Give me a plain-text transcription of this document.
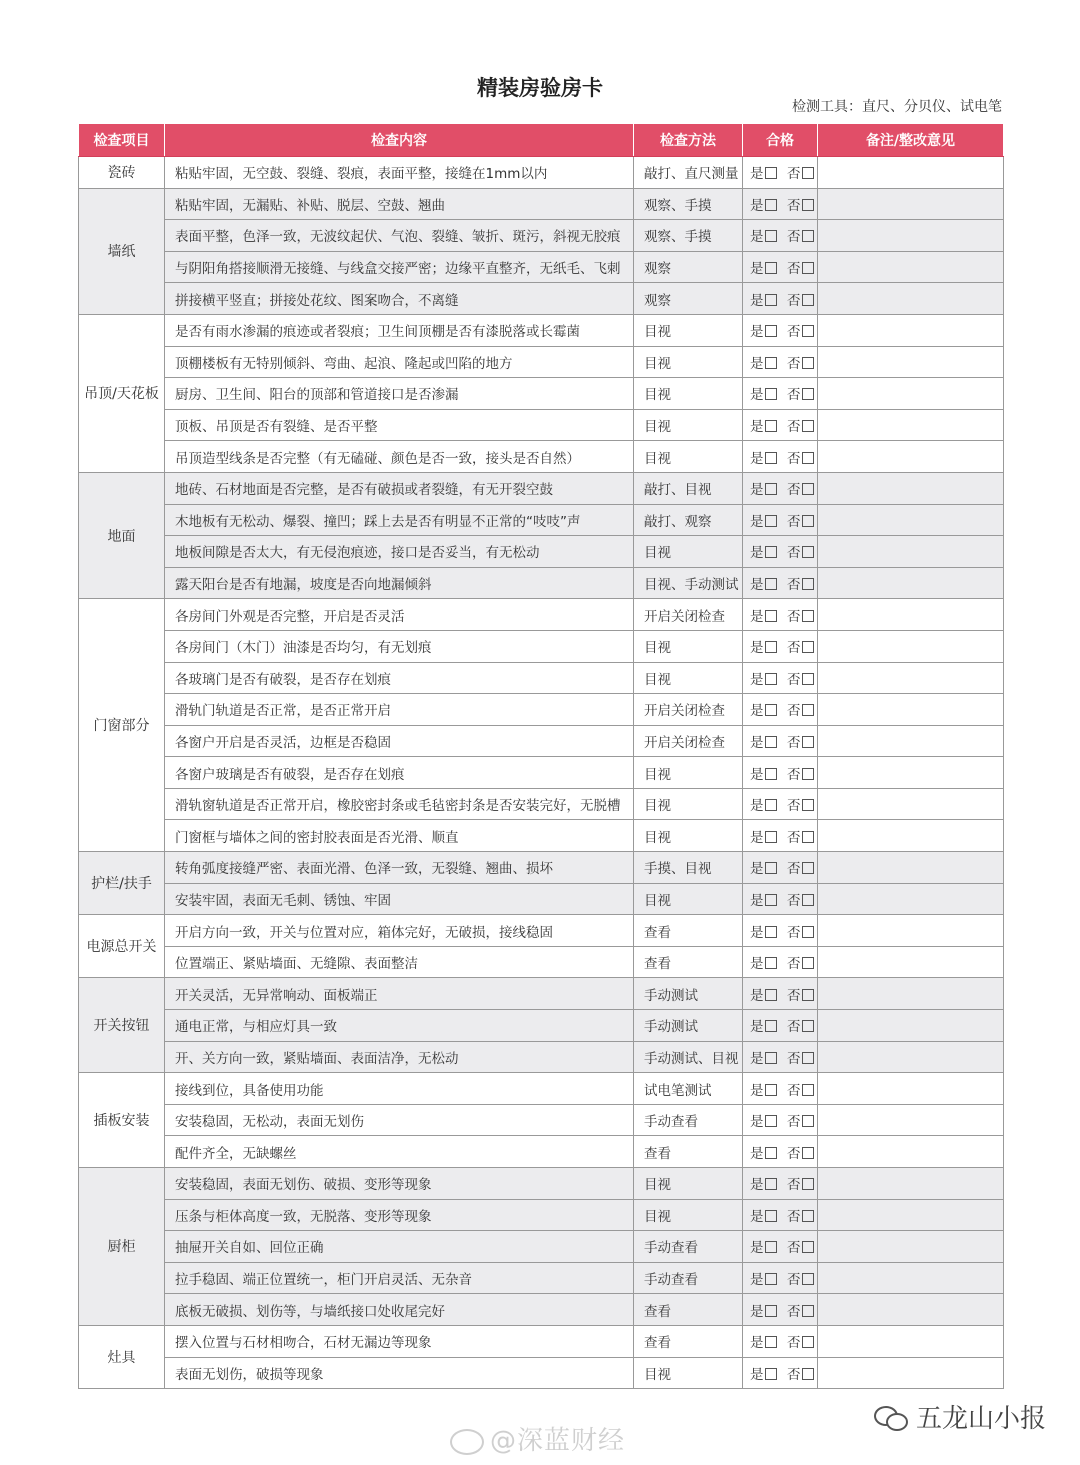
精装房验房卡
检测工具：直尺、分贝仪、试电笔
检查项目	检查内容	检查方法	合格	备注/整改意见
瓷砖	粘贴牢固，无空鼓、裂缝、裂痕，表面平整，接缝在1mm以内	敲打、直尺测量	是 否	
墙纸	粘贴牢固，无漏贴、补贴、脱层、空鼓、翘曲	观察、手摸	是 否	
	表面平整，色泽一致，无波纹起伏、气泡、裂缝、皱折、斑污，斜视无胶痕	观察、手摸	是 否	
	与阴阳角搭接顺滑无接缝、与线盒交接严密；边缘平直整齐，无纸毛、飞刺	观察	是 否	
	拼接横平竖直；拼接处花纹、图案吻合，不离缝	观察	是 否	
吊顶/天花板	是否有雨水渗漏的痕迹或者裂痕；卫生间顶棚是否有漆脱落或长霉菌	目视	是 否	
	顶棚楼板有无特别倾斜、弯曲、起浪、隆起或凹陷的地方	目视	是 否	
	厨房、卫生间、阳台的顶部和管道接口是否渗漏	目视	是 否	
	顶板、吊顶是否有裂缝、是否平整	目视	是 否	
	吊顶造型线条是否完整（有无磕碰、颜色是否一致，接头是否自然）	目视	是 否	
地面	地砖、石材地面是否完整，是否有破损或者裂缝，有无开裂空鼓	敲打、目视	是 否	
	木地板有无松动、爆裂、撞凹；踩上去是否有明显不正常的“吱吱”声	敲打、观察	是 否	
	地板间隙是否太大，有无侵泡痕迹，接口是否妥当，有无松动	目视	是 否	
	露天阳台是否有地漏，坡度是否向地漏倾斜	目视、手动测试	是 否	
门窗部分	各房间门外观是否完整，开启是否灵活	开启关闭检查	是 否	
	各房间门（木门）油漆是否均匀，有无划痕	目视	是 否	
	各玻璃门是否有破裂，是否存在划痕	目视	是 否	
	滑轨门轨道是否正常，是否正常开启	开启关闭检查	是 否	
	各窗户开启是否灵活，边框是否稳固	开启关闭检查	是 否	
	各窗户玻璃是否有破裂，是否存在划痕	目视	是 否	
	滑轨窗轨道是否正常开启，橡胶密封条或毛毡密封条是否安装完好，无脱槽	目视	是 否	
	门窗框与墙体之间的密封胶表面是否光滑、顺直	目视	是 否	
护栏/扶手	转角弧度接缝严密、表面光滑、色泽一致，无裂缝、翘曲、损坏	手摸、目视	是 否	
	安装牢固，表面无毛刺、锈蚀、牢固	目视	是 否	
电源总开关	开启方向一致，开关与位置对应，箱体完好，无破损，接线稳固	查看	是 否	
	位置端正、紧贴墙面、无缝隙、表面整洁	查看	是 否	
开关按钮	开关灵活，无异常响动、面板端正	手动测试	是 否	
	通电正常，与相应灯具一致	手动测试	是 否	
	开、关方向一致，紧贴墙面、表面洁净，无松动	手动测试、目视	是 否	
插板安装	接线到位，具备使用功能	试电笔测试	是 否	
	安装稳固，无松动，表面无划伤	手动查看	是 否	
	配件齐全，无缺螺丝	查看	是 否	
厨柜	安装稳固，表面无划伤、破损、变形等现象	目视	是 否	
	压条与柜体高度一致，无脱落、变形等现象	目视	是 否	
	抽屉开关自如、回位正确	手动查看	是 否	
	拉手稳固、端正位置统一，柜门开启灵活、无杂音	手动查看	是 否	
	底板无破损、划伤等，与墙纸接口处收尾完好	查看	是 否	
灶具	摆入位置与石材相吻合，石材无漏边等现象	查看	是 否	
	表面无划伤，破损等现象	目视	是 否	
@深蓝财经
五龙山小报
